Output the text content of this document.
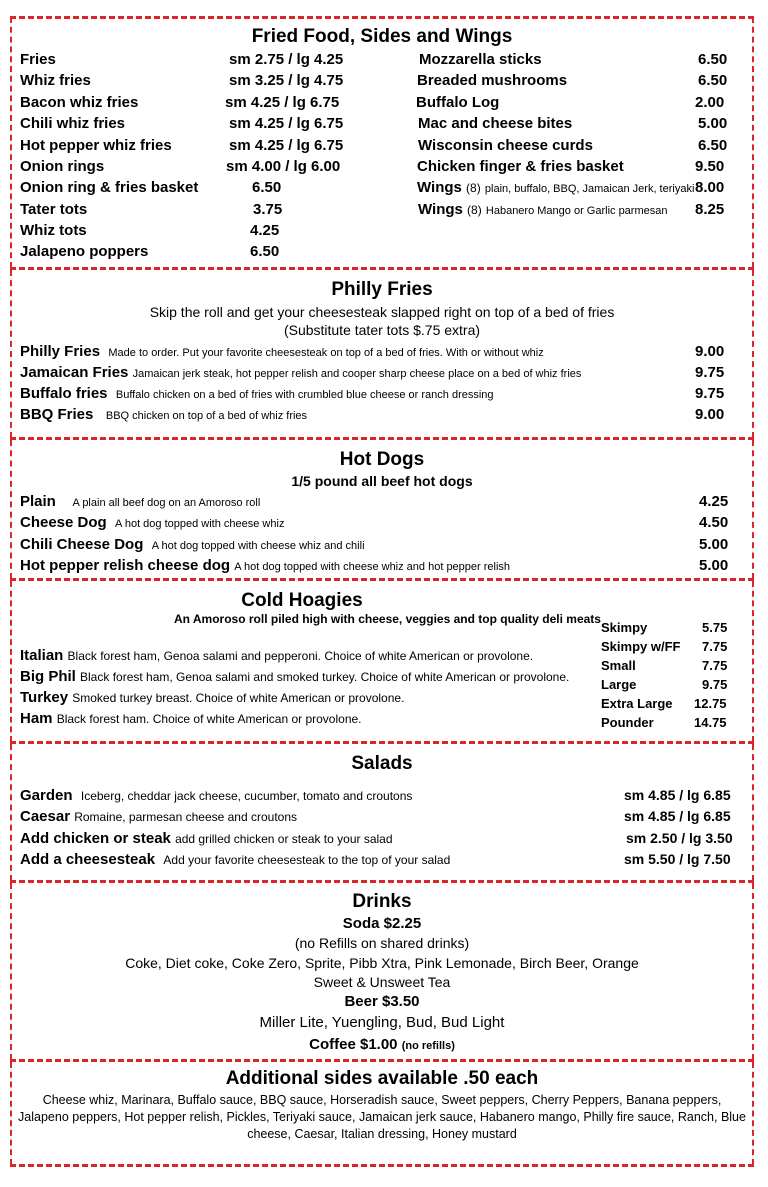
Fried Food, Sides and Wings
Fries	sm 2.75 / lg 4.25
Whiz fries	sm 3.25 / lg 4.75
Bacon whiz fries	sm 4.25 / lg 6.75
Chili whiz fries	sm 4.25 / lg 6.75
Hot pepper whiz fries	sm 4.25 / lg 6.75
Onion rings	sm 4.00 / lg 6.00
Onion ring & fries basket	6.50
Tater tots	3.75
Whiz tots	4.25
Jalapeno poppers	6.50
Mozzarella sticks	6.50
Breaded mushrooms	6.50
Buffalo Log	2.00
Mac and cheese bites	5.00
Wisconsin cheese curds	6.50
Chicken finger & fries basket	9.50
Wings (8) plain, buffalo, BBQ, Jamaican Jerk, teriyaki 8.00
Wings (8) Habanero Mango or Garlic parmesan 8.25
Philly Fries
Skip the roll and get your cheesesteak slapped right on top of a bed of fries
(Substitute tater tots $.75 extra)
Philly Fries Made to order. Put your favorite cheesesteak on top of a bed of fries. With or without whiz	9.00
Jamaican Fries Jamaican jerk steak, hot pepper relish and cooper sharp cheese place on a bed of whiz fries	9.75
Buffalo fries Buffalo chicken on a bed of fries with crumbled blue cheese or ranch dressing	9.75
BBQ Fries BBQ chicken on top of a bed of whiz fries	9.00
Hot Dogs
1/5 pound all beef hot dogs
Plain A plain all beef dog on an Amoroso roll	4.25
Cheese Dog A hot dog topped with cheese whiz	4.50
Chili Cheese Dog A hot dog topped with cheese whiz and chili	5.00
Hot pepper relish cheese dog A hot dog topped with cheese whiz and hot pepper relish	5.00
Cold Hoagies
An Amoroso roll piled high with cheese, veggies and top quality deli meats
Italian Black forest ham, Genoa salami and pepperoni. Choice of white American or provolone.
Big Phil Black forest ham, Genoa salami and smoked turkey. Choice of white American or provolone.
Turkey Smoked turkey breast. Choice of white American or provolone.
Ham Black forest ham. Choice of white American or provolone.
Skimpy	5.75
Skimpy w/FF 7.75
Small	7.75
Large	9.75
Extra Large 12.75
Pounder	14.75
Salads
Garden Iceberg, cheddar jack cheese, cucumber, tomato and croutons	sm 4.85 / lg 6.85
Caesar Romaine, parmesan cheese and croutons	sm 4.85 / lg 6.85
Add chicken or steak add grilled chicken or steak to your salad	sm 2.50 / lg 3.50
Add a cheesesteak Add your favorite cheesesteak to the top of your salad	sm 5.50 / lg 7.50
Drinks
Soda $2.25
(no Refills on shared drinks)
Coke, Diet coke, Coke Zero, Sprite, Pibb Xtra, Pink Lemonade, Birch Beer, Orange
Sweet & Unsweet Tea
Beer $3.50
Miller Lite, Yuengling, Bud, Bud Light
Coffee $1.00 (no refills)
Additional sides available .50 each
Cheese whiz, Marinara, Buffalo sauce, BBQ sauce, Horseradish sauce, Sweet peppers, Cherry Peppers, Banana peppers,
Jalapeno peppers, Hot pepper relish, Pickles, Teriyaki sauce, Jamaican jerk sauce, Habanero mango, Philly fire sauce, Ranch, Blue
cheese, Caesar, Italian dressing, Honey mustard
